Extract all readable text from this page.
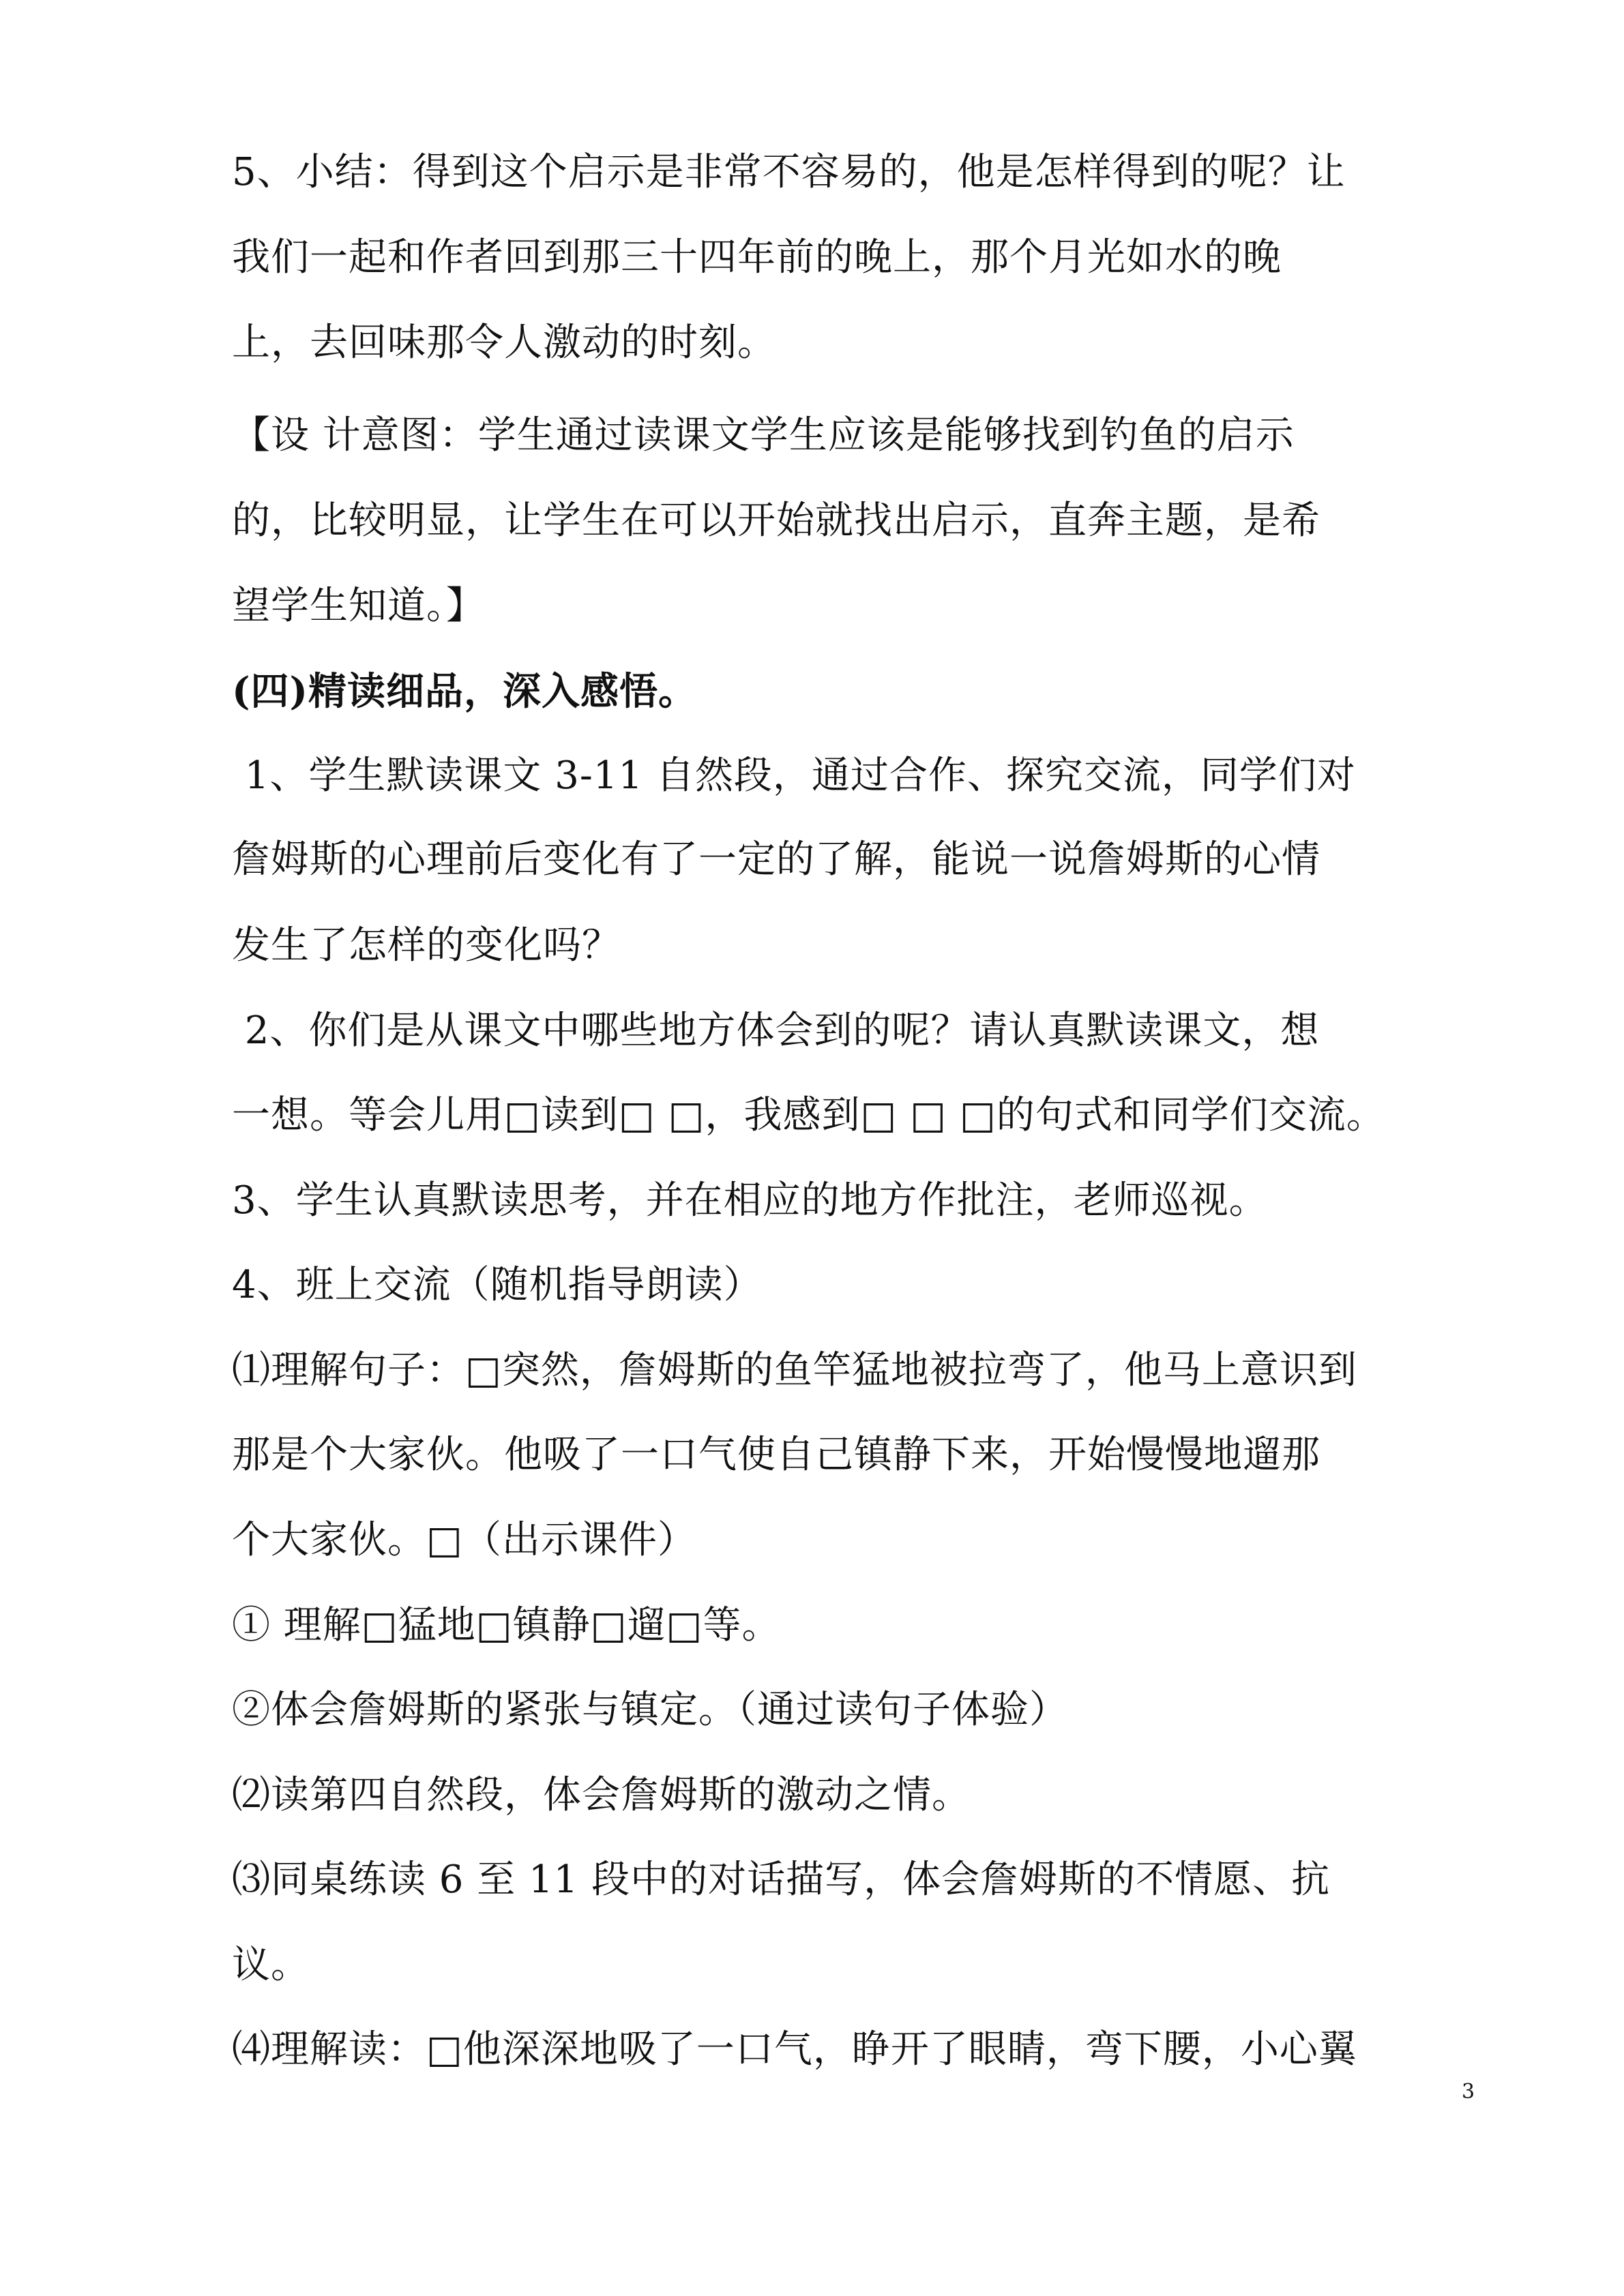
5、小结：得到这个启示是非常不容易的，他是怎样得到的呢？让
我们一起和作者回到那三十四年前的晚上，那个月光如水的晚
上，去回味那令人激动的时刻。
【设 计意图：学生通过读课文学生应该是能够找到钓鱼的启示
的，比较明显，让学生在可以开始就找出启示，直奔主题，是希
望学生知道。】
(四)精读细品，深入感悟。
1、学生默读课文 3-11 自然段，通过合作、探究交流，同学们对
詹姆斯的心理前后变化有了一定的了解，能说一说詹姆斯的心情
发生了怎样的变化吗？
2、你们是从课文中哪些地方体会到的呢？请认真默读课文，想
一想。等会儿用□读到□ □，我感到□ □ □的句式和同学们交流。
3、学生认真默读思考，并在相应的地方作批注，老师巡视。
4、班上交流（随机指导朗读）
⑴理解句子：□突然，詹姆斯的鱼竿猛地被拉弯了，他马上意识到
那是个大家伙。他吸了一口气使自己镇静下来，开始慢慢地遛那
个大家伙。□（出示课件）
① 理解□猛地□镇静□遛□等。
②体会詹姆斯的紧张与镇定。（通过读句子体验）
⑵读第四自然段，体会詹姆斯的激动之情。
⑶同桌练读 6 至 11 段中的对话描写，体会詹姆斯的不情愿、抗
议。
⑷理解读：□他深深地吸了一口气，睁开了眼睛，弯下腰，小心翼
3
